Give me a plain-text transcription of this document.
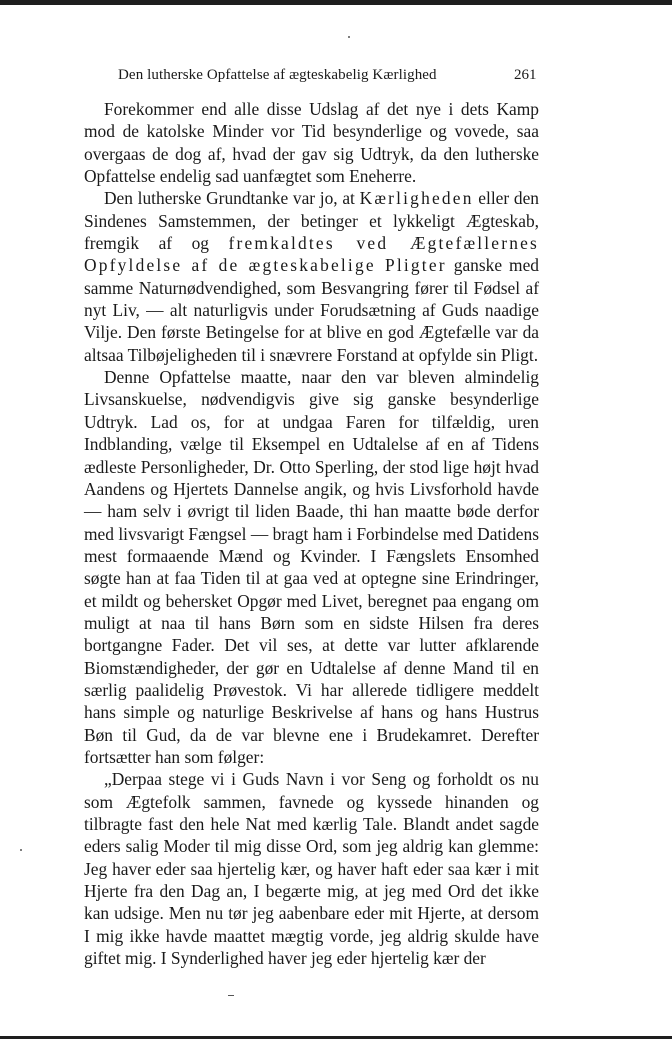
Den lutherske Opfattelse af ægteskabelig Kærlighed	261

Forekommer end alle disse Udslag af det nye i dets Kamp mod de katolske Minder vor Tid besynderlige og vovede, saa overgaas de dog af, hvad der gav sig Udtryk, da den lutherske Opfattelse endelig sad uanfægtet som Eneherre.

Den lutherske Grundtanke var jo, at Kærligheden eller den Sindenes Samstemmen, der betinger et lykkeligt Ægteskab, fremgik af og fremkaldtes ved Ægtefællernes Opfyldelse af de ægteskabelige Pligter ganske med samme Naturnødvendighed, som Besvangring fører til Fødsel af nyt Liv, — alt naturligvis under Forudsætning af Guds naadige Vilje. Den første Betingelse for at blive en god Ægtefælle var da altsaa Tilbøjeligheden til i snævrere Forstand at opfylde sin Pligt.

Denne Opfattelse maatte, naar den var bleven almindelig Livsanskuelse, nødvendigvis give sig ganske besynderlige Udtryk. Lad os, for at undgaa Faren for tilfældig, uren Indblanding, vælge til Eksempel en Udtalelse af en af Tidens ædleste Personligheder, Dr. Otto Sperling, der stod lige højt hvad Aandens og Hjertets Dannelse angik, og hvis Livsforhold havde — ham selv i øvrigt til liden Baade, thi han maatte bøde derfor med livsvarigt Fængsel — bragt ham i Forbindelse med Datidens mest formaaende Mænd og Kvinder. I Fængslets Ensomhed søgte han at faa Tiden til at gaa ved at optegne sine Erindringer, et mildt og behersket Opgør med Livet, beregnet paa engang om muligt at naa til hans Børn som en sidste Hilsen fra deres bortgangne Fader. Det vil ses, at dette var lutter afklarende Biomstændigheder, der gør en Udtalelse af denne Mand til en særlig paalidelig Prøvestok. Vi har allerede tidligere meddelt hans simple og naturlige Beskrivelse af hans og hans Hustrus Bøn til Gud, da de var blevne ene i Brudekamret. Derefter fortsætter han som følger:

„Derpaa stege vi i Guds Navn i vor Seng og forholdt os nu som Ægtefolk sammen, favnede og kyssede hinanden og tilbragte fast den hele Nat med kærlig Tale. Blandt andet sagde eders salig Moder til mig disse Ord, som jeg aldrig kan glemme: Jeg haver eder saa hjertelig kær, og haver haft eder saa kær i mit Hjerte fra den Dag an, I begærte mig, at jeg med Ord det ikke kan udsige. Men nu tør jeg aabenbare eder mit Hjerte, at dersom I mig ikke havde maattet mægtig vorde, jeg aldrig skulde have giftet mig. I Synderlighed haver jeg eder hjertelig kær der
